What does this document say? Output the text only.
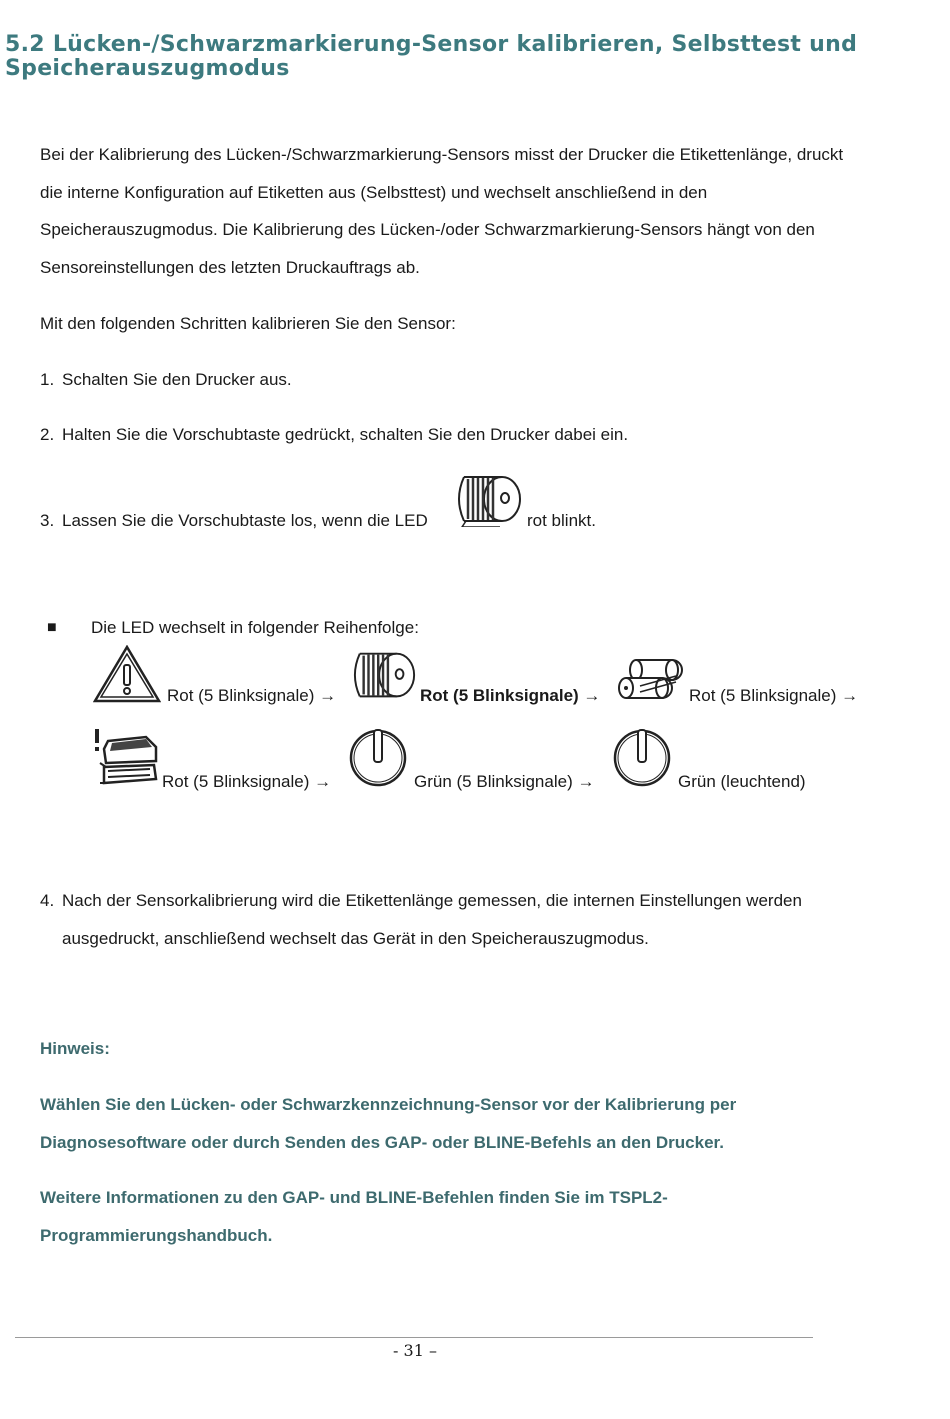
5.2 Lücken-/Schwarzmarkierung-Sensor kalibrieren, Selbsttest und Speicherauszugmodus
Bei der Kalibrierung des Lücken-/Schwarzmarkierung-Sensors misst der Drucker die Etikettenlänge, druckt
die interne Konfiguration auf Etiketten aus (Selbsttest) und wechselt anschließend in den
Speicherauszugmodus. Die Kalibrierung des Lücken-/oder Schwarzmarkierung-Sensors hängt von den
Sensoreinstellungen des letzten Druckauftrags ab.
Mit den folgenden Schritten kalibrieren Sie den Sensor:
1. Schalten Sie den Drucker aus.
2. Halten Sie die Vorschubtaste gedrückt, schalten Sie den Drucker dabei ein.
3. Lassen Sie die Vorschubtaste los, wenn die LED	rot blinkt.
■ Die LED wechselt in folgender Reihenfolge:
Rot (5 Blinksignale) →	Rot (5 Blinksignale) →	Rot (5 Blinksignale) →
Rot (5 Blinksignale) →	Grün (5 Blinksignale) →	Grün (leuchtend)
4. Nach der Sensorkalibrierung wird die Etikettenlänge gemessen, die internen Einstellungen werden
ausgedruckt, anschließend wechselt das Gerät in den Speicherauszugmodus.
Hinweis:
Wählen Sie den Lücken- oder Schwarzkennzeichnung-Sensor vor der Kalibrierung per
Diagnosesoftware oder durch Senden des GAP- oder BLINE-Befehls an den Drucker.
Weitere Informationen zu den GAP- und BLINE-Befehlen finden Sie im TSPL2-
Programmierungshandbuch.
- 31 –
